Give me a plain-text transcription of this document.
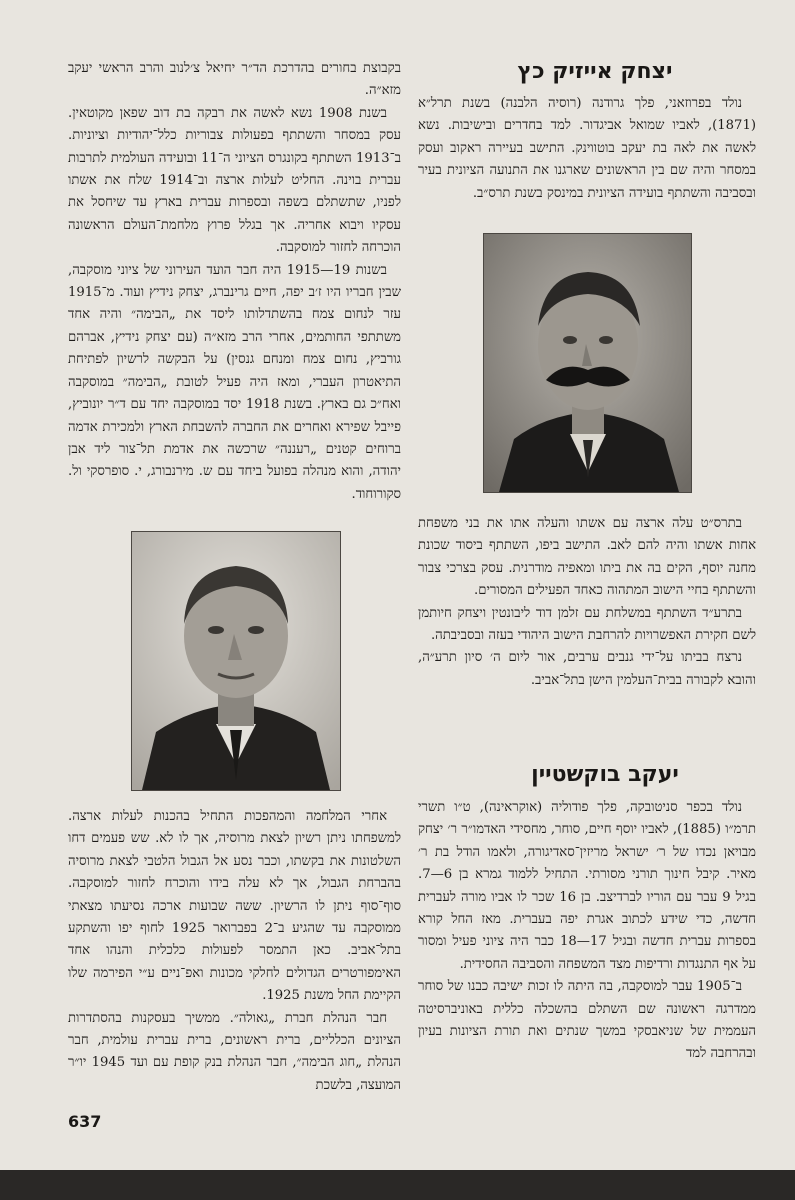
יצחק אייזיק כץ

נולד בפרוזאני, פלך גרודנה (רוסיה הלבנה) בשנת תרל״א (1871), לאביו שמואל אביגדור. למד בחדרים ובישיבות. נשא לאשה את לאה בת יעקב בוטווינק. התישב בעיירה ראקוב ועסק במסחר והיה שם בין הראשונים שארגנו את התנועה הציונית בעיר ובסביבה והשתתף בועידה הציונית במינסק בשנת תרס״ב.

בתרס״ט עלה ארצה עם אשתו והעלה אתו את בני משפחת אחות אשתו והיה להם לאב. התישב ביפו, השתתף ביסוד שכונת מחנה יוסף, הקים בה את ביתו ומאפיה מודרנית. עסק בצרכי צבור והשתתף בחיי הישוב המתהוה כאחד הפעילים המסורים.

בתרע״ד השתתף במשלחת עם זלמן דוד ליבונטין ויצחק חיותמן לשם חקירת האפשרויות להרחבת הישוב היהודי בעזה ובסביבתה.

נרצח בביתו על־ידי גנבים ערבים, אור ליום ה׳ סיון תרע״ה, והובא לקבורה בבית־העלמין הישן בתל־אביב.

יעקב בוקשטיין

נולד בכפר סניטובקה, פלך פודוליה (אוקראינה), ט״ו תשרי תרמ״ו (1885), לאביו יוסף חיים, סוחר, מחסידי האדמו״ר ר׳ יצחק מבויאן נכדו של ר׳ ישראל מריזין־סאדיגורה, ולאמו הודל בת ר׳ מאיר. קיבל חינוך תורני מסורתי. התחיל ללמוד גמרא בן 6—7. בגיל 9 עבר עם הוריו לברדיצב. בן 16 שכר לו אביו מורה לעברית חדשה, כדי שידע לכתוב אגרת יפה בעברית. מאז החל קורא בספרות עברית חדשה ובגיל 17—18 כבר היה ציוני פעיל ומסור על אף התנגדות ורדיפות מצד המשפחה והסביבה החסידית.

ב־1905 עבר למוסקבה, בה היתה לו זכות ישיבה כבנו של סוחר ממדרגה ראשונה שם השתלם בהשכלה כללית באוניברסיטה העממית של שניאבסקי במשך שנתים ואת תורת הציונות בעיון ובהרחבה למד

בקבוצת בחורים בהדרכת הד״ר יחיאל צ׳לנוב והרב הראשי יעקב מזא״ה.

בשנת 1908 נשא לאשה את רבקה בת דוב שפאן מקוטאין. עסק במסחר והשתתף בפעולות צבוריות כלל־יהודיות וציוניות. ב־1913 השתתף בקונגרס הציוני ה־11 ובועידה העולמית לתרבות עברית בוינה. החליט לעלות ארצה וב־1914 שלח את אשתו לפניו, שתשתלם בשפה ובספרות עברית בארץ עד שיחסל את עסקיו ויבוא אחריה. אך בגלל פרוץ מלחמת־העולם הראשונה הוכרחה לחזור למוסקבה.

בשנות 19—1915 היה חבר הועד העירוני של ציוני מוסקבה, שבין חבריו היו ז׳ב יפה, חיים גרינברג, יצחק נידיץ ועוד. מ־1915 עזר לנחום צמח בהשתדלותו ליסד את „הבימה״ והיה אחד משתתפי החותמים, אחרי הרב מזא״ה (עם יצחק נידיץ, אברהם גורביץ, נחום צמח ומנחם גנסין) על הבקשה לרשיון לפתיחת התיאטרון העברי, ומאז היה פעיל לטובת „הבימה״ במוסקבה ואח״כ גם בארץ. בשנת 1918 יסד במוסקבה יחד עם ד״ר יונוביץ, פייבל שפירא ואחרים את החברה להשבחת הארץ ולמכירת אדמה ברוחים קטנים „רעננה״ שרכשה את אדמת תל־צור ליד אבן יהודה, והוא מנהלה בפועל ביחד עם ש. מירנבורג, י. סופרסקי ול. סקורוחוד.

אחרי המלחמה והמהפכות התחיל בהכנות לעלות ארצה. למשפחתו ניתן רשיון לצאת מרוסיה, אך לו לא. שש פעמים דחו השלטונות את בקשתו, וכבר נסע אל הגבול הלטבי לצאת מרוסיה בהברחת הגבול, אך לא עלה בידו והוכרח לחזור למוסקבה. סוף־סוף ניתן לו הרשיון. ששה שבועות ארכה נסיעתו מצאתי ממוסקבה עד שהגיע ב־2 בפברואר 1925 לחוף יפו והשתקע בתל־אביב. כאן התמסר לפעולות כלכלית והנהו אחד האימפורטרים הגדולים לחלקי מכונות ואפ־ניים ע״י הפירמה שלו הקיימת החל משנת 1925.

חבר הנהלת חברת „גאולה״. ממשיך בעסקנות בהסתדרות הציונים הכלליים, ברית ראשונים, ברית עברית עולמית, חבר הנהלת „חוג הבימה״, חבר הנהלת בנק קופת עם ועד 1945 יו״ר המועצה, בלשכת

637
